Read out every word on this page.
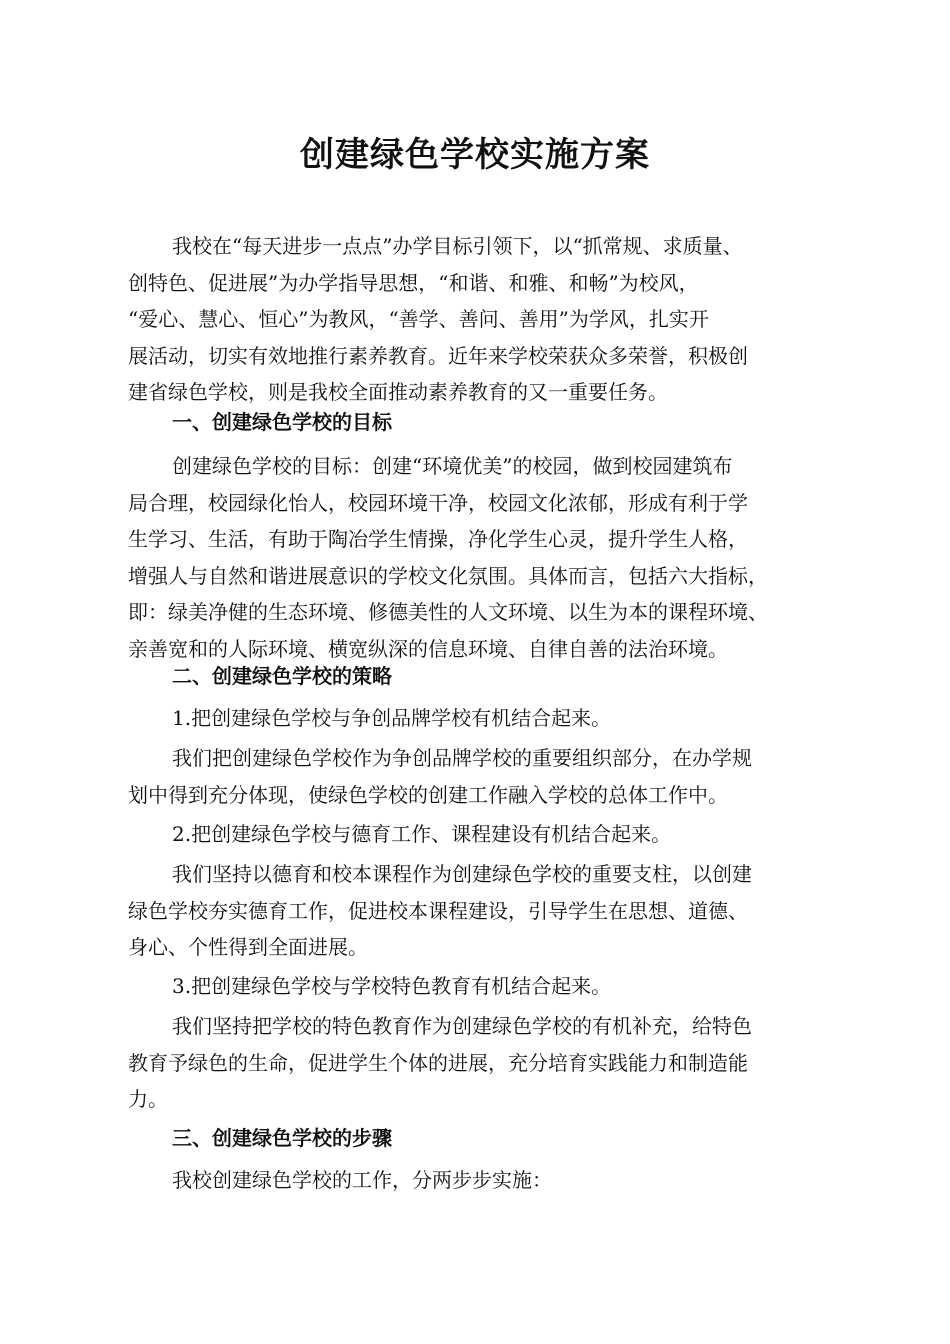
创建绿色学校实施方案
我校在“每天进步一点点”办学目标引领下，以“抓常规、求质量、
创特色、促进展”为办学指导思想，“和谐、和雅、和畅”为校风，
“爱心、慧心、恒心”为教风，“善学、善问、善用”为学风，扎实开
展活动，切实有效地推行素养教育。近年来学校荣获众多荣誉，积极创
建省绿色学校，则是我校全面推动素养教育的又一重要任务。
一、创建绿色学校的目标
创建绿色学校的目标：创建“环境优美”的校园，做到校园建筑布
局合理，校园绿化怡人，校园环境干净，校园文化浓郁，形成有利于学
生学习、生活，有助于陶冶学生情操，净化学生心灵，提升学生人格，
增强人与自然和谐进展意识的学校文化氛围。具体而言，包括六大指标，
即：绿美净健的生态环境、修德美性的人文环境、以生为本的课程环境、
亲善宽和的人际环境、横宽纵深的信息环境、自律自善的法治环境。
二、创建绿色学校的策略
1.把创建绿色学校与争创品牌学校有机结合起来。
我们把创建绿色学校作为争创品牌学校的重要组织部分，在办学规
划中得到充分体现，使绿色学校的创建工作融入学校的总体工作中。
2.把创建绿色学校与德育工作、课程建设有机结合起来。
我们坚持以德育和校本课程作为创建绿色学校的重要支柱，以创建
绿色学校夯实德育工作，促进校本课程建设，引导学生在思想、道德、
身心、个性得到全面进展。
3.把创建绿色学校与学校特色教育有机结合起来。
我们坚持把学校的特色教育作为创建绿色学校的有机补充，给特色
教育予绿色的生命，促进学生个体的进展，充分培育实践能力和制造能
力。
三、创建绿色学校的步骤
我校创建绿色学校的工作，分两步步实施：
